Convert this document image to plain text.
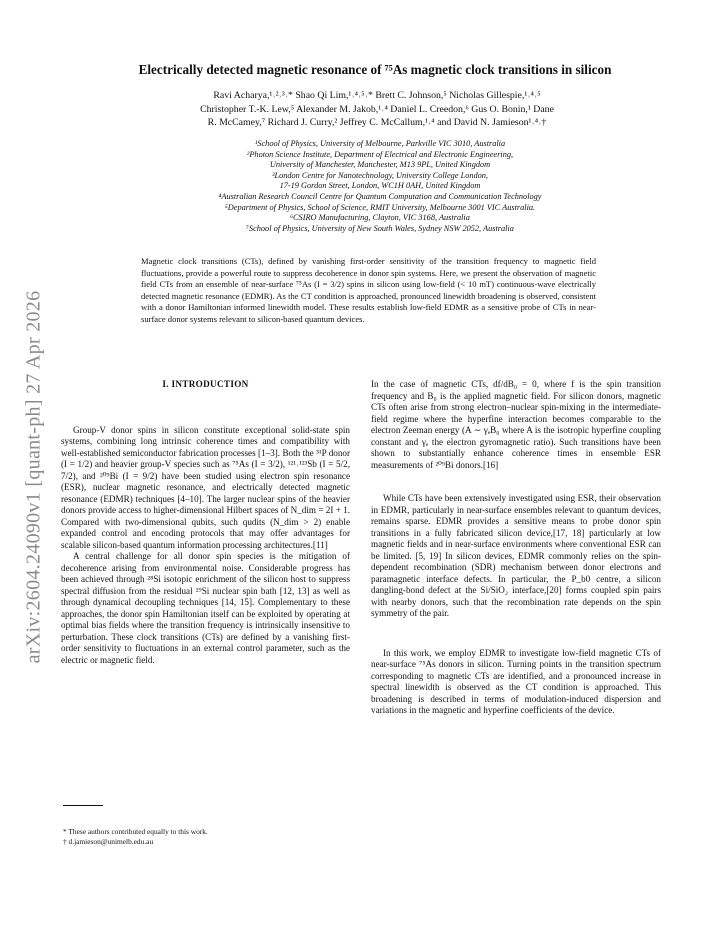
arXiv:2604.24090v1 [quant-ph] 27 Apr 2026
Electrically detected magnetic resonance of ⁷⁵As magnetic clock transitions in silicon
Ravi Acharya,¹˒²˒³˒* Shao Qi Lim,¹˒⁴˒⁵˒* Brett C. Johnson,⁵ Nicholas Gillespie,¹˒⁴˒⁵
Christopher T.-K. Lew,⁵ Alexander M. Jakob,¹˒⁴ Daniel L. Creedon,⁶ Gus O. Bonin,¹ Dane
R. McCamey,⁷ Richard J. Curry,² Jeffrey C. McCallum,¹˒⁴ and David N. Jamieson¹˒⁴˒†

¹School of Physics, University of Melbourne, Parkville VIC 3010, Australia

²Photon Science Institute, Department of Electrical and Electronic Engineering,

University of Manchester, Manchester, M13 9PL, United Kingdom

³London Centre for Nanotechnology, University College London,

17-19 Gordon Street, London, WC1H 0AH, United Kingdom

⁴Australian Research Council Centre for Quantum Computation and Communication Technology

⁵Department of Physics, School of Science, RMIT University, Melbourne 3001 VIC Australia.

⁶CSIRO Manufacturing, Clayton, VIC 3168, Australia

⁷School of Physics, University of New South Wales, Sydney NSW 2052, Australia

Magnetic clock transitions (CTs), defined by vanishing first-order sensitivity of the transition frequency to magnetic field fluctuations, provide a powerful route to suppress decoherence in donor spin systems. Here, we present the observation of magnetic field CTs from an ensemble of near-surface ⁷⁵As (I = 3/2) spins in silicon using low-field (< 10 mT) continuous-wave electrically detected magnetic resonance (EDMR). As the CT condition is approached, pronounced linewidth broadening is observed, consistent with a donor Hamiltonian informed linewidth model. These results establish low-field EDMR as a sensitive probe of CTs in near-surface donor systems relevant to silicon-based quantum devices.
I. INTRODUCTION

Group-V donor spins in silicon constitute exceptional solid-state spin systems, combining long intrinsic coherence times and compatibility with well-established semiconductor fabrication processes [1–3]. Both the ³¹P donor (I = 1/2) and heavier group-V species such as ⁷⁵As (I = 3/2), ¹²¹˒¹²³Sb (I = 5/2, 7/2), and ²⁰⁹Bi (I = 9/2) have been studied using electron spin resonance (ESR), nuclear magnetic resonance, and electrically detected magnetic resonance (EDMR) techniques [4–10]. The larger nuclear spins of the heavier donors provide access to higher-dimensional Hilbert spaces of N_dim = 2I + 1. Compared with two-dimensional qubits, such qudits (N_dim > 2) enable expanded control and encoding protocols that may offer advantages for scalable silicon-based quantum information processing architectures.[11]

A central challenge for all donor spin species is the mitigation of decoherence arising from environmental noise. Considerable progress has been achieved through ²⁸Si isotopic enrichment of the silicon host to suppress spectral diffusion from the residual ²⁹Si nuclear spin bath [12, 13] as well as through dynamical decoupling techniques [14, 15]. Complementary to these approaches, the donor spin Hamiltonian itself can be exploited by operating at optimal bias fields where the transition frequency is intrinsically insensitive to perturbation. These clock transitions (CTs) are defined by a vanishing first-order sensitivity to fluctuations in an external control parameter, such as the electric or magnetic field.

In the case of magnetic CTs, df/dB₀ = 0, where f is the spin transition frequency and B₀ is the applied magnetic field. For silicon donors, magnetic CTs often arise from strong electron–nuclear spin-mixing in the intermediate-field regime where the hyperfine interaction becomes comparable to the electron Zeeman energy (A ∼ γₑB₀ where A is the isotropic hyperfine coupling constant and γₑ the electron gyromagnetic ratio). Such transitions have been shown to substantially enhance coherence times in ensemble ESR measurements of ²⁰⁹Bi donors.[16]

While CTs have been extensively investigated using ESR, their observation in EDMR, particularly in near-surface ensembles relevant to quantum devices, remains sparse. EDMR provides a sensitive means to probe donor spin transitions in a fully fabricated silicon device,[17, 18] particularly at low magnetic fields and in near-surface environments where conventional ESR can be limited. [5, 19] In silicon devices, EDMR commonly relies on the spin-dependent recombination (SDR) mechanism between donor electrons and paramagnetic interface defects. In particular, the P_b0 centre, a silicon dangling-bond defect at the Si/SiO₂ interface,[20] forms coupled spin pairs with nearby donors, such that the recombination rate depends on the spin symmetry of the pair.

In this work, we employ EDMR to investigate low-field magnetic CTs of near-surface ⁷⁵As donors in silicon. Turning points in the transition spectrum corresponding to magnetic CTs are identified, and a pronounced increase in spectral linewidth is observed as the CT condition is approached. This broadening is described in terms of modulation-induced dispersion and variations in the magnetic and hyperfine coefficients of the device.

* These authors contributed equally to this work.

† d.jamieson@unimelb.edu.au
